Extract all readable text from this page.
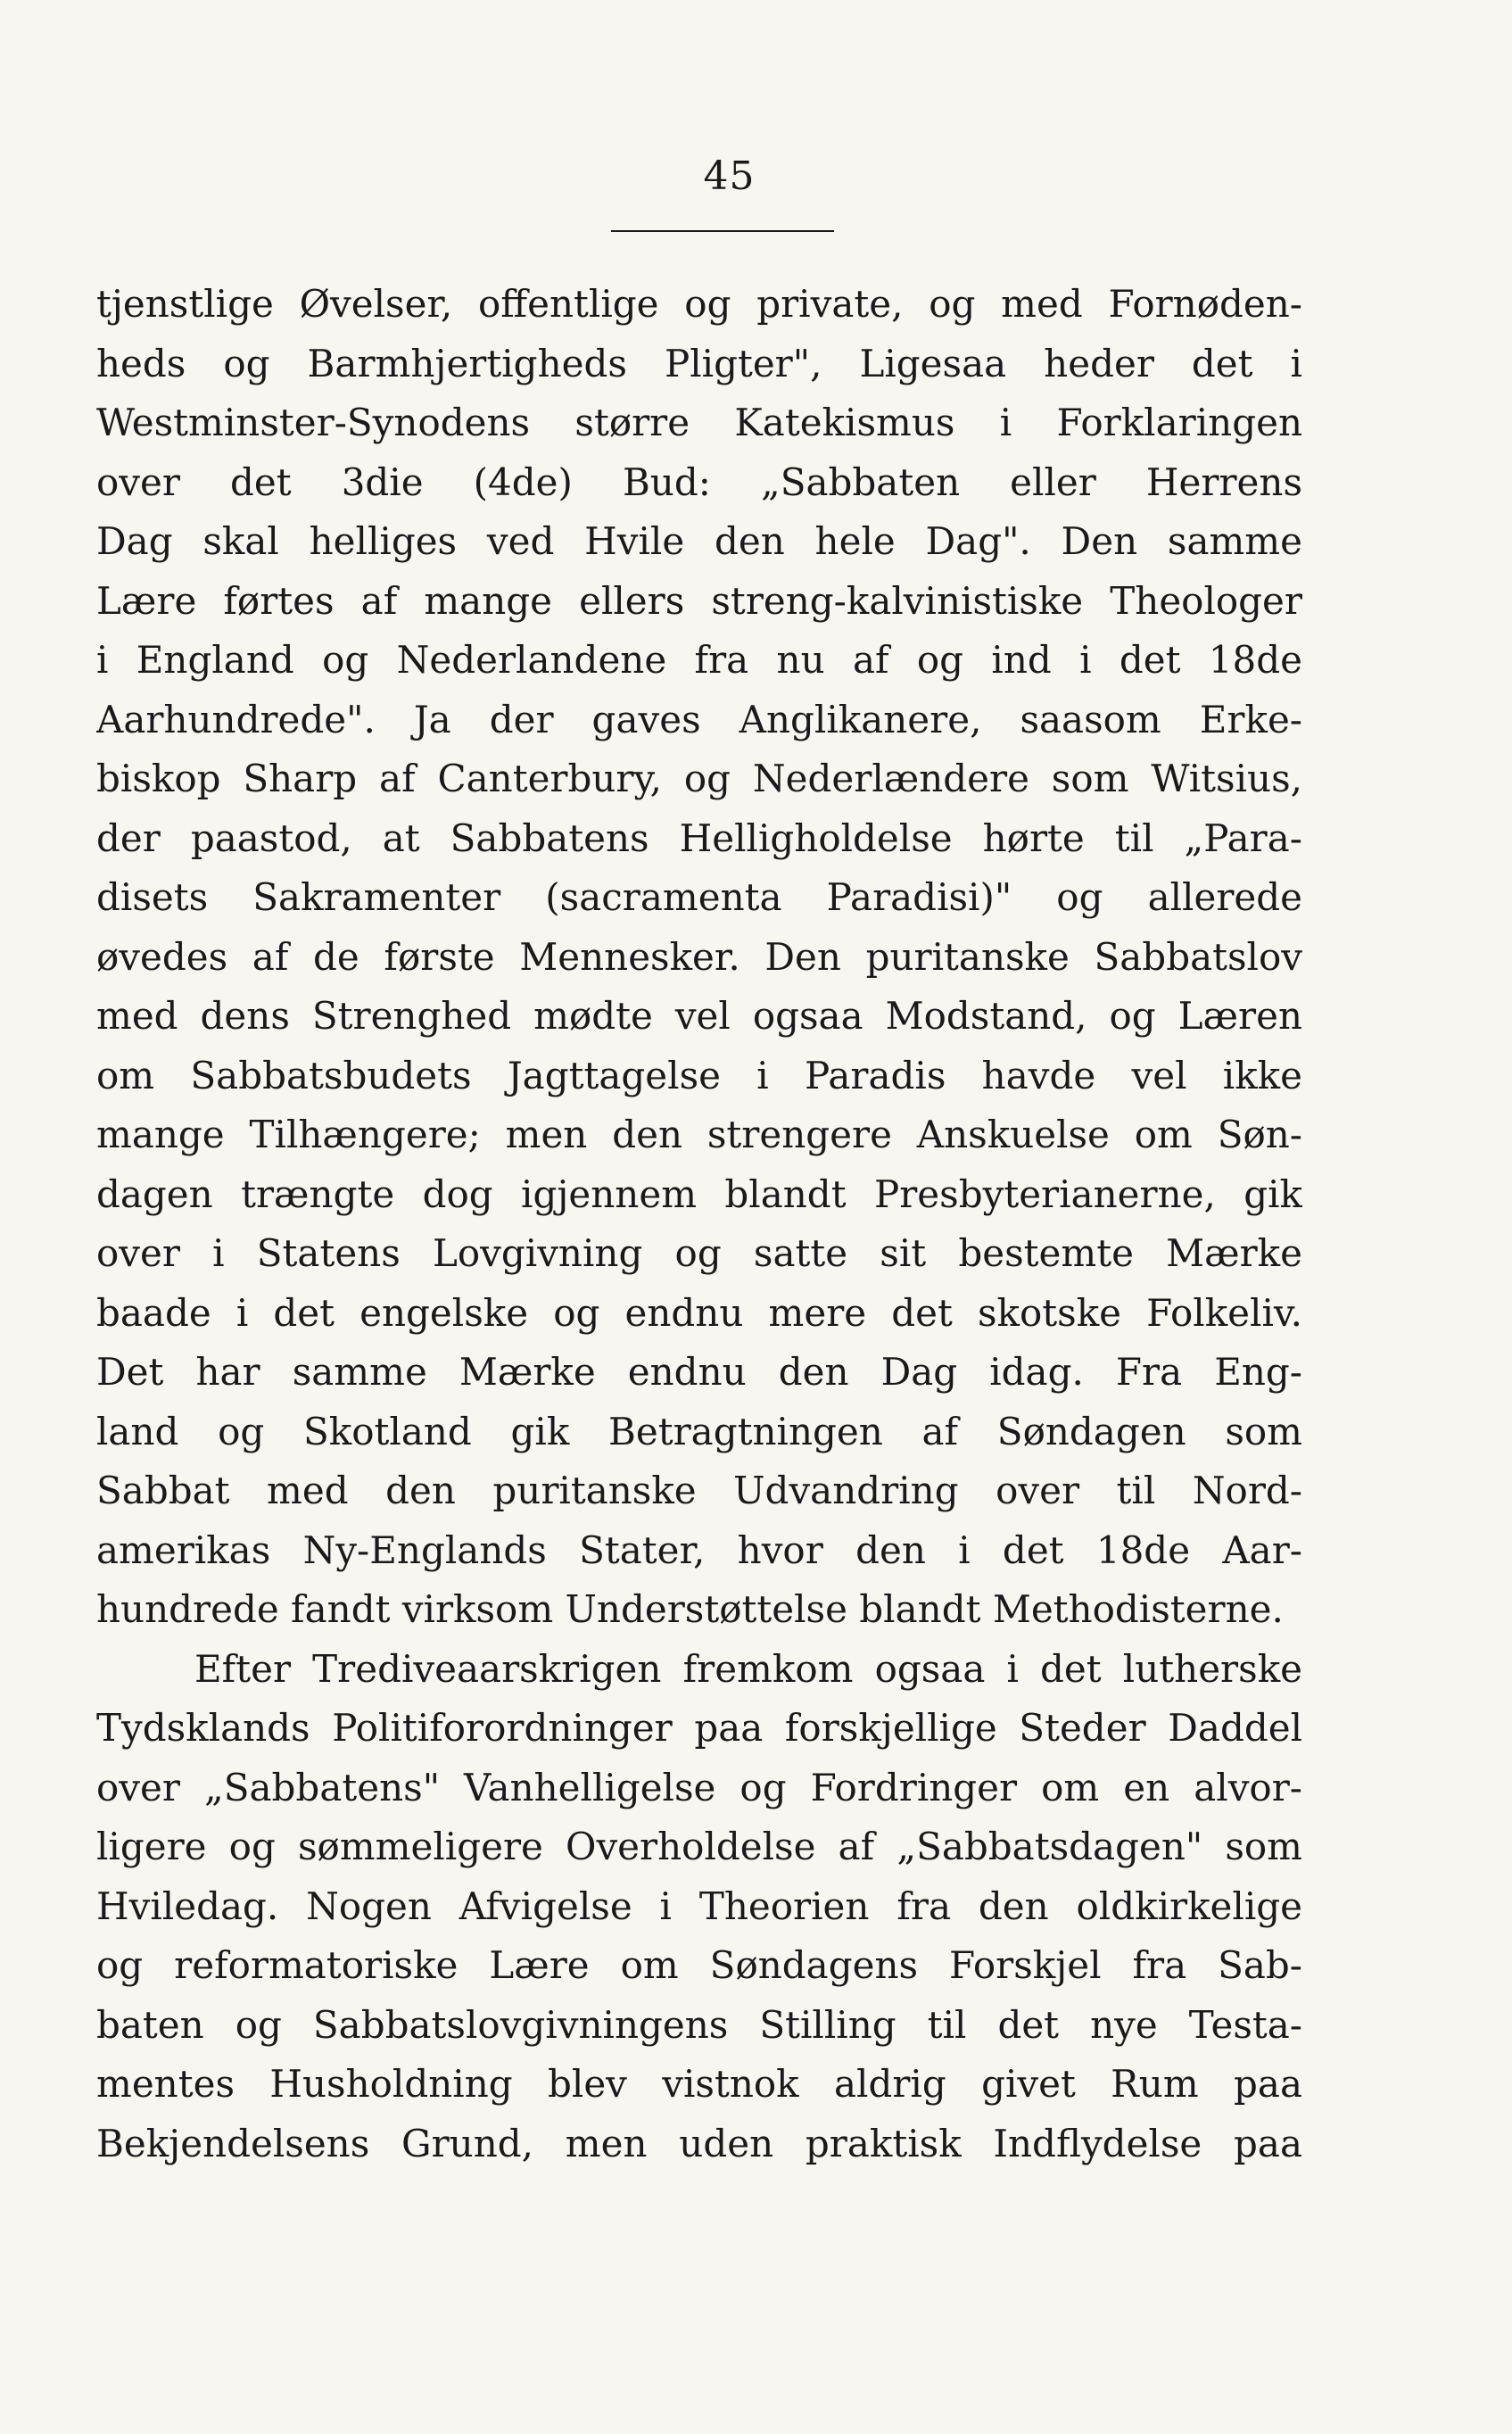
45
tjenstlige Øvelser, offentlige og private, og med Fornøden-
heds og Barmhjertigheds Pligter", Ligesaa heder det i
Westminster-Synodens større Katekismus i Forklaringen
over det 3die (4de) Bud: „Sabbaten eller Herrens
Dag skal helliges ved Hvile den hele Dag". Den samme
Lære førtes af mange ellers streng-kalvinistiske Theologer
i England og Nederlandene fra nu af og ind i det 18de
Aarhundrede". Ja der gaves Anglikanere, saasom Erke-
biskop Sharp af Canterbury, og Nederlændere som Witsius,
der paastod, at Sabbatens Helligholdelse hørte til „Para-
disets Sakramenter (sacramenta Paradisi)" og allerede
øvedes af de første Mennesker. Den puritanske Sabbatslov
med dens Strenghed mødte vel ogsaa Modstand, og Læren
om Sabbatsbudets Jagttagelse i Paradis havde vel ikke
mange Tilhængere; men den strengere Anskuelse om Søn-
dagen trængte dog igjennem blandt Presbyterianerne, gik
over i Statens Lovgivning og satte sit bestemte Mærke
baade i det engelske og endnu mere det skotske Folkeliv.
Det har samme Mærke endnu den Dag idag. Fra Eng-
land og Skotland gik Betragtningen af Søndagen som
Sabbat med den puritanske Udvandring over til Nord-
amerikas Ny-Englands Stater, hvor den i det 18de Aar-
hundrede fandt virksom Understøttelse blandt Methodisterne.
Efter Trediveaarskrigen fremkom ogsaa i det lutherske
Tydsklands Politiforordninger paa forskjellige Steder Daddel
over „Sabbatens" Vanhelligelse og Fordringer om en alvor-
ligere og sømmeligere Overholdelse af „Sabbatsdagen" som
Hviledag. Nogen Afvigelse i Theorien fra den oldkirkelige
og reformatoriske Lære om Søndagens Forskjel fra Sab-
baten og Sabbatslovgivningens Stilling til det nye Testa-
mentes Husholdning blev vistnok aldrig givet Rum paa
Bekjendelsens Grund, men uden praktisk Indflydelse paa
